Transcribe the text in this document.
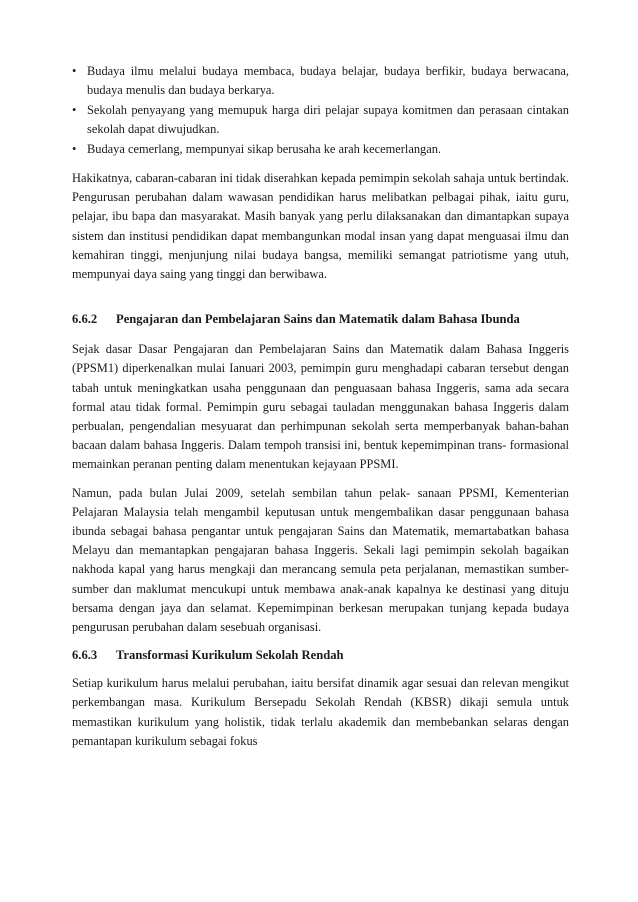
• Budaya ilmu melalui budaya membaca, budaya belajar, budaya berfikir, budaya berwacana, budaya menulis dan budaya berkarya.
• Sekolah penyayang yang memupuk harga diri pelajar supaya komitmen dan perasaan cintakan sekolah dapat diwujudkan.
• Budaya cemerlang, mempunyai sikap berusaha ke arah kecemerlangan.

Hakikatnya, cabaran-cabaran ini tidak diserahkan kepada pemimpin sekolah sahaja untuk bertindak. Pengurusan perubahan dalam wawasan pendidikan harus melibatkan pelbagai pihak, iaitu guru, pelajar, ibu bapa dan masyarakat. Masih banyak yang perlu dilaksanakan dan dimantapkan supaya sistem dan institusi pendidikan dapat membangunkan modal insan yang dapat menguasai ilmu dan kemahiran tinggi, menjunjung nilai budaya bangsa, memiliki semangat patriotisme yang utuh, mempunyai daya saing yang tinggi dan berwibawa.

6.6.2	Pengajaran dan Pembelajaran Sains dan Matematik dalam Bahasa Ibunda

Sejak dasar Dasar Pengajaran dan Pembelajaran Sains dan Matematik dalam Bahasa Inggeris (PPSM1) diperkenalkan mulai Ianuari 2003, pemimpin guru menghadapi cabaran tersebut dengan tabah untuk meningkatkan usaha penggunaan dan penguasaan bahasa Inggeris, sama ada secara formal atau tidak formal. Pemimpin guru sebagai tauladan menggunakan bahasa Inggeris dalam perbualan, pengendalian mesyuarat dan perhimpunan sekolah serta memperbanyak bahan-bahan bacaan dalam bahasa Inggeris. Dalam tempoh transisi ini, bentuk kepemimpinan trans- formasional memainkan peranan penting dalam menentukan kejayaan PPSMI.

Namun, pada bulan Julai 2009, setelah sembilan tahun pelak- sanaan PPSMI, Kementerian Pelajaran Malaysia telah mengambil keputusan untuk mengembalikan dasar penggunaan bahasa ibunda sebagai bahasa pengantar untuk pengajaran Sains dan Matematik, memartabatkan bahasa Melayu dan memantapkan pengajaran bahasa Inggeris. Sekali lagi pemimpin sekolah bagaikan nakhoda kapal yang harus mengkaji dan merancang semula peta perjalanan, memastikan sumber-sumber dan maklumat mencukupi untuk membawa anak-anak kapalnya ke destinasi yang dituju bersama dengan jaya dan selamat. Kepemimpinan berkesan merupakan tunjang kepada budaya pengurusan perubahan dalam sesebuah organisasi.

6.6.3	Transformasi Kurikulum Sekolah Rendah

Setiap kurikulum harus melalui perubahan, iaitu bersifat dinamik agar sesuai dan relevan mengikut perkembangan masa. Kurikulum Bersepadu Sekolah Rendah (KBSR) dikaji semula untuk memastikan kurikulum yang holistik, tidak terlalu akademik dan membebankan selaras dengan pemantapan kurikulum sebagai fokus
